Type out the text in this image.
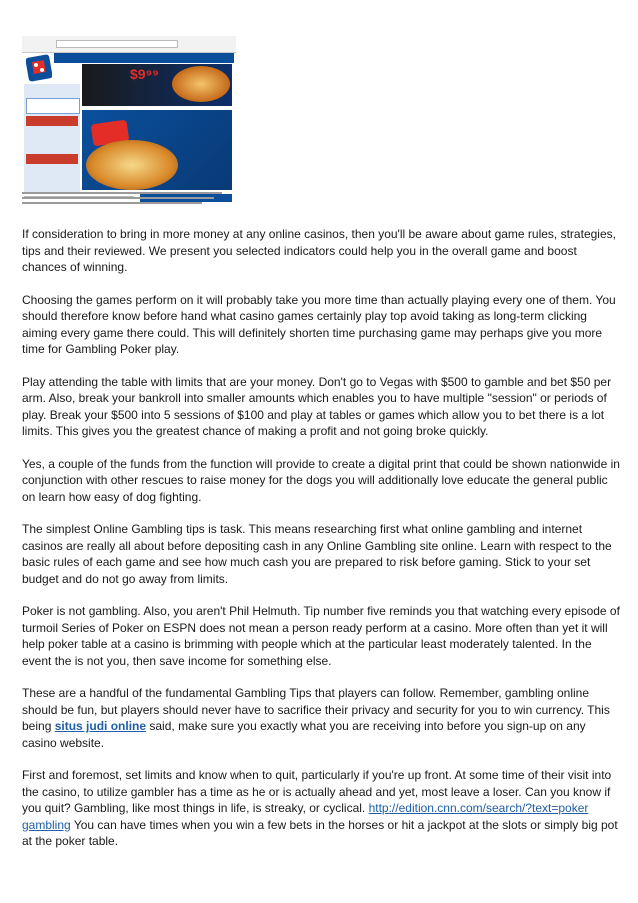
$9⁹⁹

If consideration to bring in more money at any online casinos, then you'll be aware about game rules, strategies, tips and their reviewed. We present you selected indicators could help you in the overall game and boost chances of winning.

Choosing the games perform on it will probably take you more time than actually playing every one of them. You should therefore know before hand what casino games certainly play top avoid taking as long-term clicking aiming every game there could. This will definitely shorten time purchasing game may perhaps give you more time for Gambling Poker play.

Play attending the table with limits that are your money. Don't go to Vegas with $500 to gamble and bet $50 per arm. Also, break your bankroll into smaller amounts which enables you to have multiple "session" or periods of play. Break your $500 into 5 sessions of $100 and play at tables or games which allow you to bet there is a lot limits. This gives you the greatest chance of making a profit and not going broke quickly.

Yes, a couple of the funds from the function will provide to create a digital print that could be shown nationwide in conjunction with other rescues to raise money for the dogs you will additionally love educate the general public on learn how easy of dog fighting.

The simplest Online Gambling tips is task. This means researching first what online gambling and internet casinos are really all about before depositing cash in any Online Gambling site online. Learn with respect to the basic rules of each game and see how much cash you are prepared to risk before gaming. Stick to your set budget and do not go away from limits.

Poker is not gambling. Also, you aren't Phil Helmuth. Tip number five reminds you that watching every episode of turmoil Series of Poker on ESPN does not mean a person ready perform at a casino. More often than yet it will help poker table at a casino is brimming with people which at the particular least moderately talented. In the event the is not you, then save income for something else.

These are a handful of the fundamental Gambling Tips that players can follow. Remember, gambling online should be fun, but players should never have to sacrifice their privacy and security for you to win currency. This being situs judi online said, make sure you exactly what you are receiving into before you sign-up on any casino website.

First and foremost, set limits and know when to quit, particularly if you're up front. At some time of their visit into the casino, to utilize gambler has a time as he or is actually ahead and yet, most leave a loser. Can you know if you quit? Gambling, like most things in life, is streaky, or cyclical. http://edition.cnn.com/search/?text=poker gambling You can have times when you win a few bets in the horses or hit a jackpot at the slots or simply big pot at the poker table.
